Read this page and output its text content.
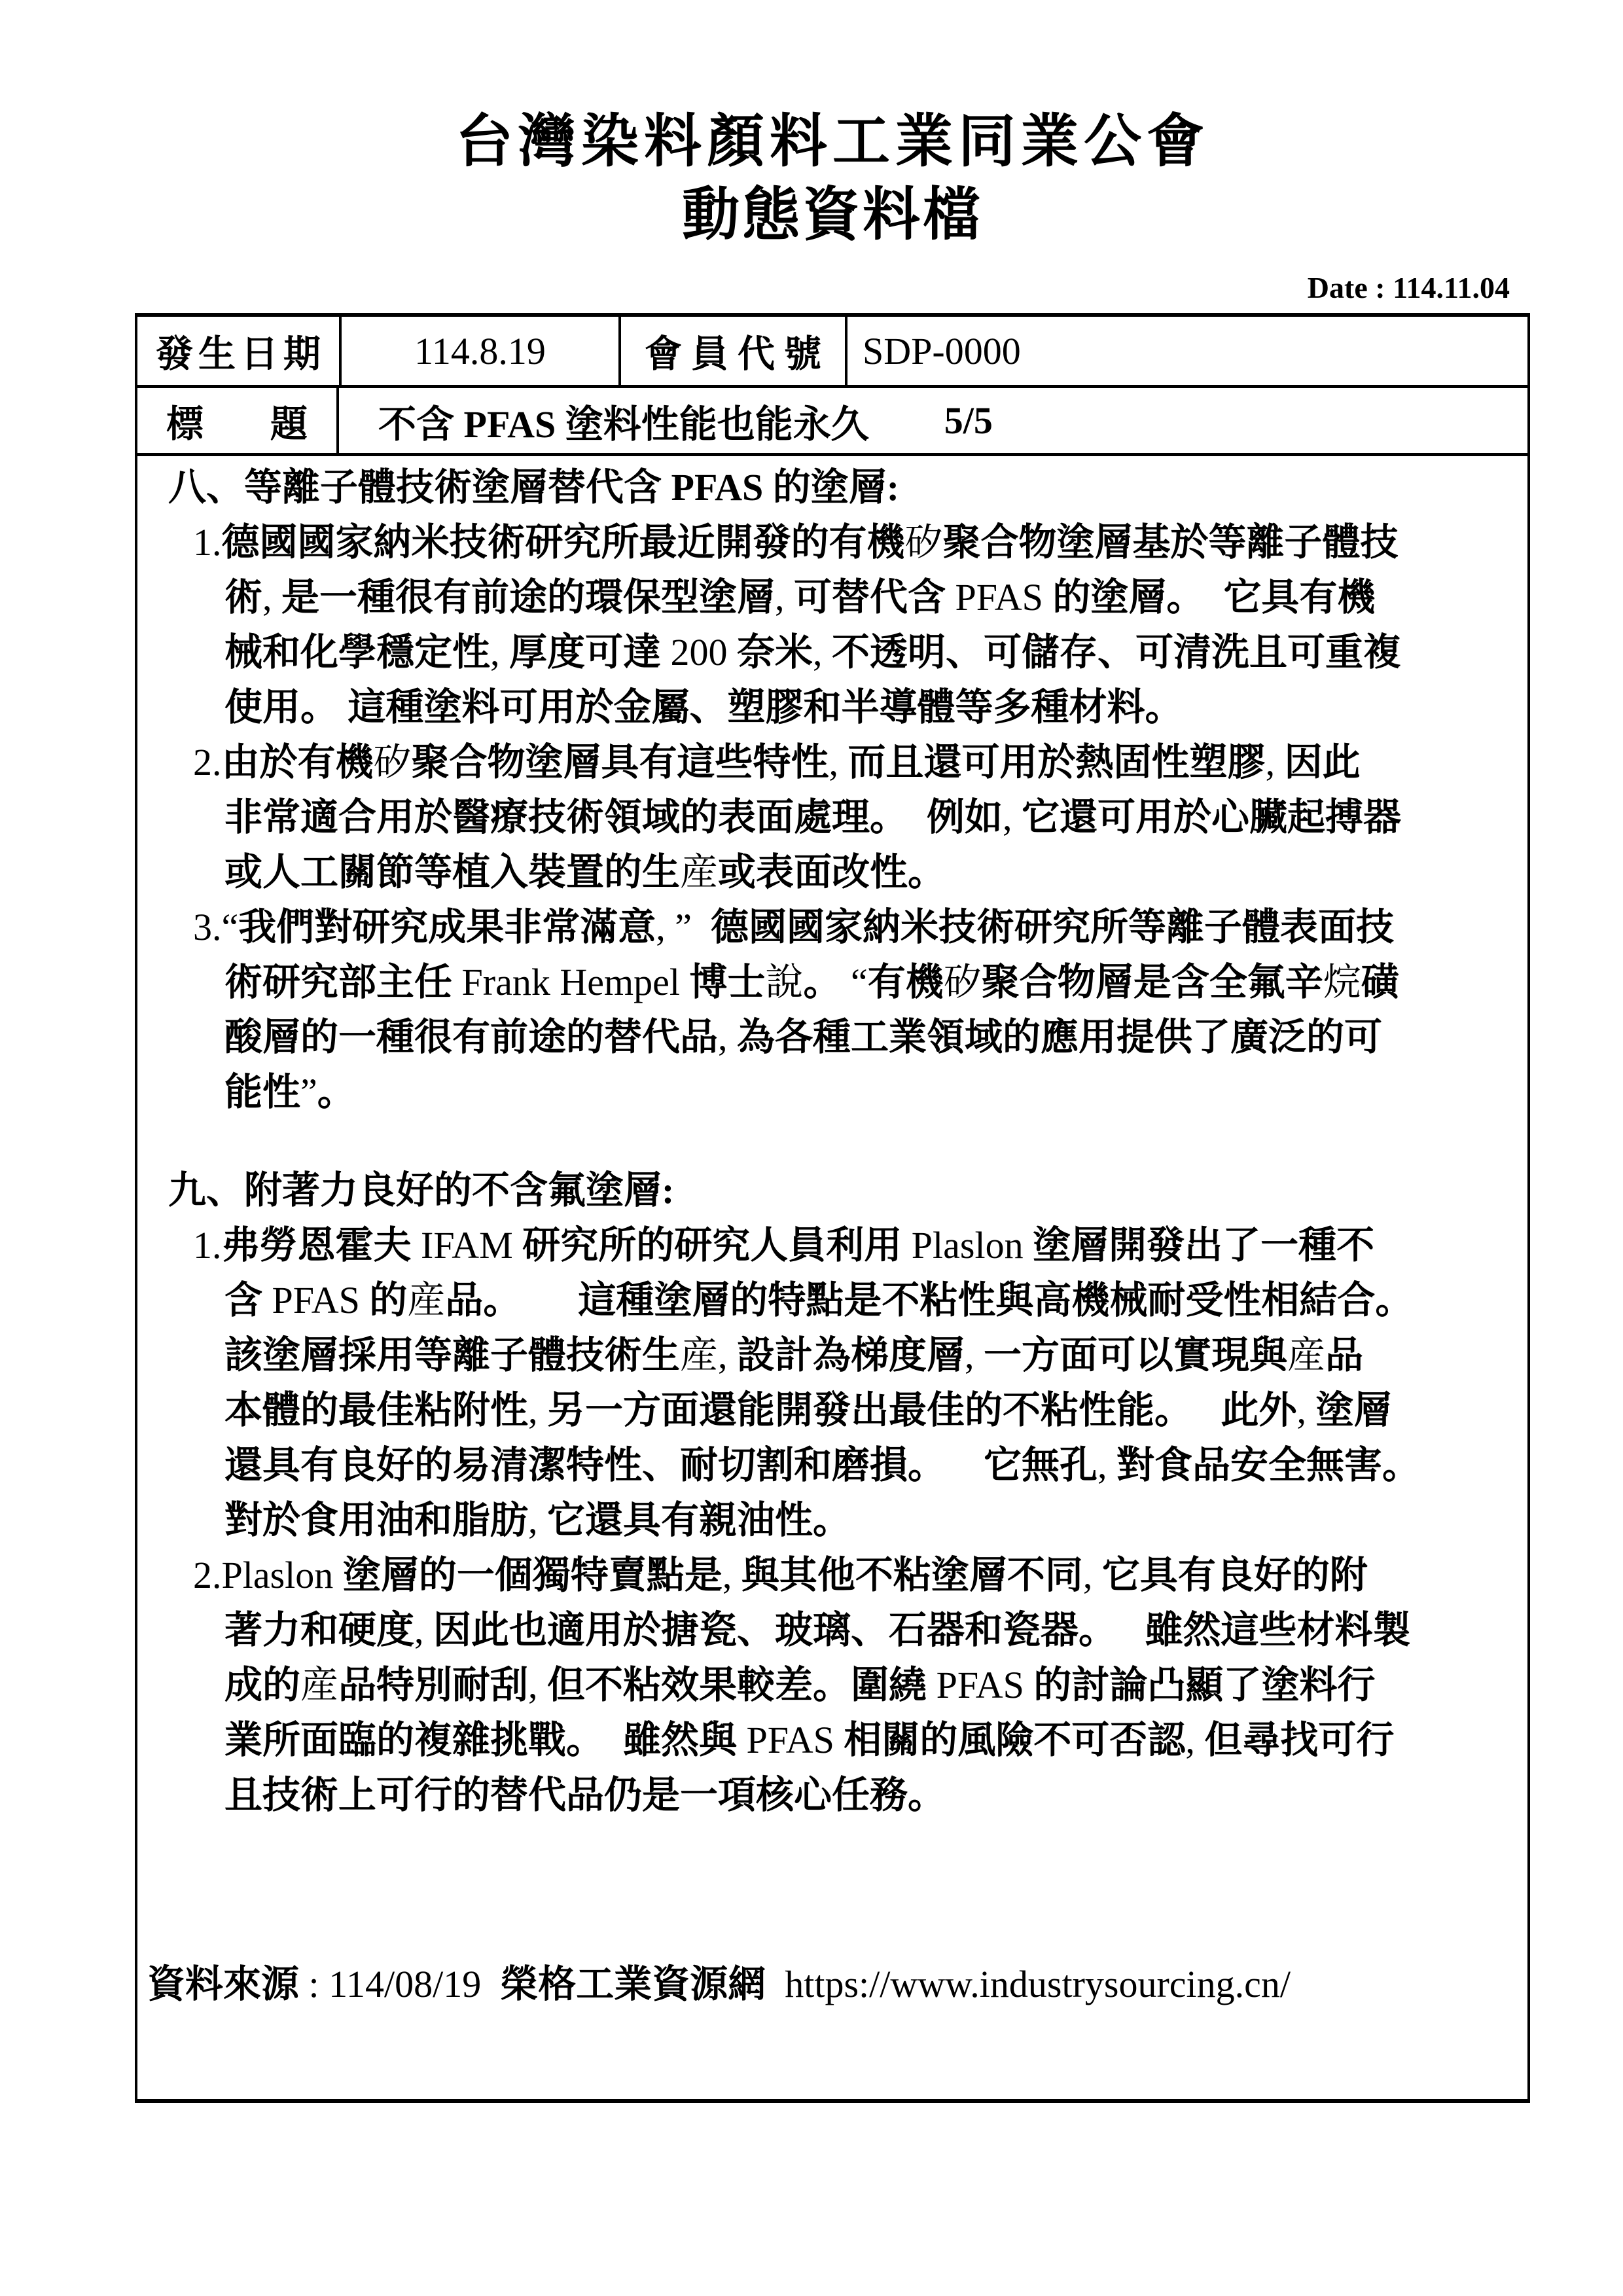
台灣染料顏料工業同業公會
動態資料檔
Date : 114.11.04
發生日期 114.8.19	會員代號 SDP-0000
標 題 不含 PFAS 塗料性能也能永久 5/5
八、等離子體技術塗層替代含 PFAS 的塗層:
1.德國國家納米技術研究所最近開發的有機矽聚合物塗層基於等離子體技
術, 是一種很有前途的環保型塗層, 可替代含 PFAS 的塗層。 它具有機
械和化學穩定性, 厚度可達 200 奈米, 不透明、可儲存、可清洗且可重複
使用。 這種塗料可用於金屬、塑膠和半導體等多種材料。
2.由於有機矽聚合物塗層具有這些特性, 而且還可用於熱固性塑膠, 因此
非常適合用於醫療技術領域的表面處理。 例如, 它還可用於心臟起搏器
或人工關節等植入裝置的生産或表面改性。
3.“我們對研究成果非常滿意, ”  德國國家納米技術研究所等離子體表面技
術研究部主任 Frank Hempel 博士說。 “有機矽聚合物層是含全氟辛烷磺
酸層的一種很有前途的替代品, 為各種工業領域的應用提供了廣泛的可
能性”。
九、附著力良好的不含氟塗層:
1.弗勞恩霍夫 IFAM 研究所的研究人員利用 Plaslon 塗層開發出了一種不
含 PFAS 的産品。 這種塗層的特點是不粘性與高機械耐受性相結合。
該塗層採用等離子體技術生産, 設計為梯度層, 一方面可以實現與産品
本體的最佳粘附性, 另一方面還能開發出最佳的不粘性能。 此外, 塗層
還具有良好的易清潔特性、耐切割和磨損。 它無孔, 對食品安全無害。
對於食用油和脂肪, 它還具有親油性。
2.Plaslon 塗層的一個獨特賣點是, 與其他不粘塗層不同, 它具有良好的附
著力和硬度, 因此也適用於搪瓷、玻璃、石器和瓷器。 雖然這些材料製
成的産品特別耐刮, 但不粘效果較差。圍繞 PFAS 的討論凸顯了塗料行
業所面臨的複雜挑戰。 雖然與 PFAS 相關的風險不可否認, 但尋找可行
且技術上可行的替代品仍是一項核心任務。
資料來源 : 114/08/19  榮格工業資源網  https://www.industrysourcing.cn/
